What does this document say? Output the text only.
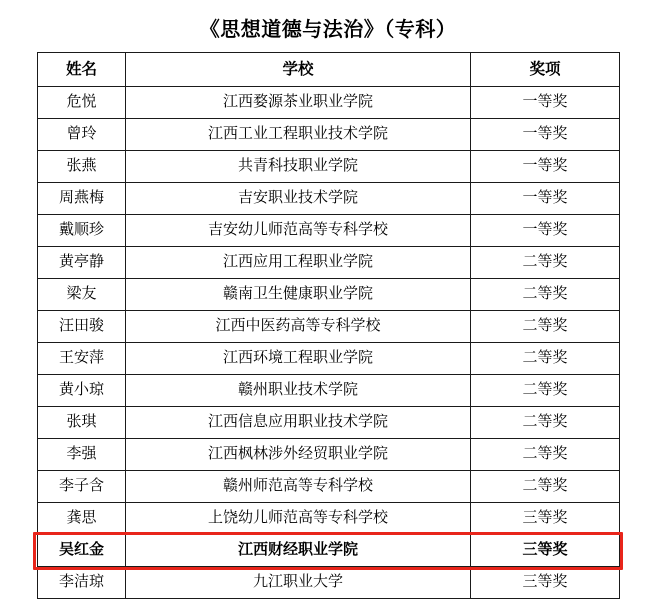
《思想道德与法治》（专科）
姓名	学校	奖项
危悦	江西婺源茶业职业学院	一等奖
曾玲	江西工业工程职业技术学院	一等奖
张燕	共青科技职业学院	一等奖
周燕梅	吉安职业技术学院	一等奖
戴顺珍	吉安幼儿师范高等专科学校	一等奖
黄亭静	江西应用工程职业学院	二等奖
梁友	赣南卫生健康职业学院	二等奖
汪田骏	江西中医药高等专科学校	二等奖
王安萍	江西环境工程职业学院	二等奖
黄小琼	赣州职业技术学院	二等奖
张琪	江西信息应用职业技术学院	二等奖
李强	江西枫林涉外经贸职业学院	二等奖
李子含	赣州师范高等专科学校	二等奖
龚思	上饶幼儿师范高等专科学校	三等奖
吴红金	江西财经职业学院	三等奖
李洁琼	九江职业大学	三等奖
